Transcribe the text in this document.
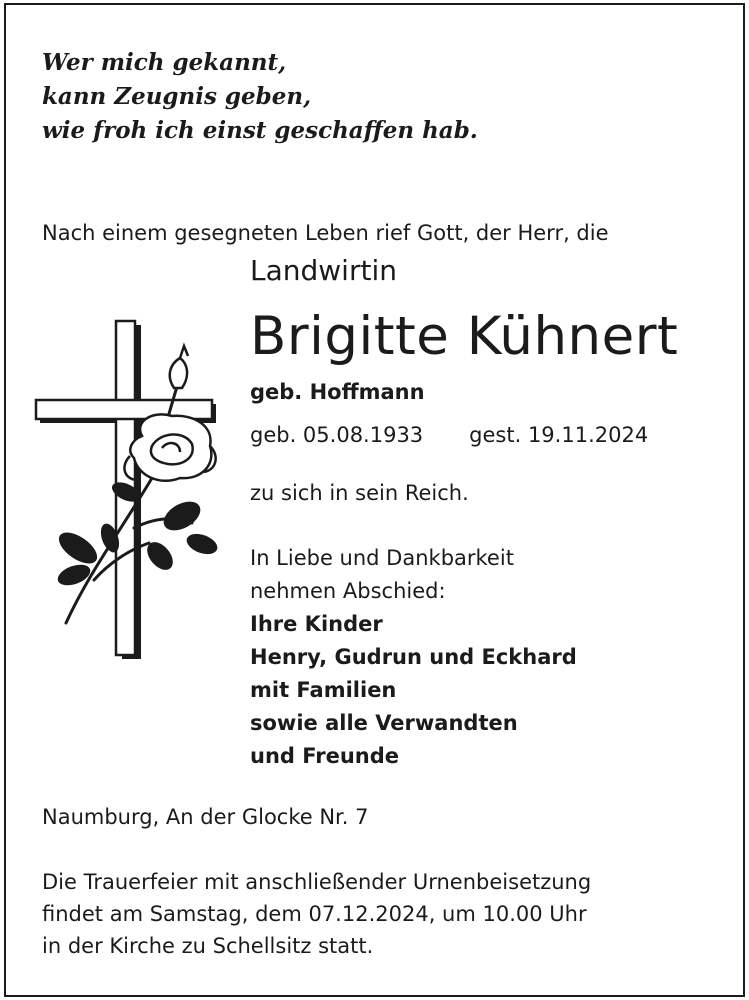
Wer mich gekannt,
kann Zeugnis geben,
wie froh ich einst geschaffen hab.
Nach einem gesegneten Leben rief Gott, der Herr, die
Landwirtin
Brigitte Kühnert
geb. Hoffmann
geb. 05.08.1933 gest. 19.11.2024
zu sich in sein Reich.
In Liebe und Dankbarkeit
nehmen Abschied:
Ihre Kinder
Henry, Gudrun und Eckhard
mit Familien
sowie alle Verwandten
und Freunde
Naumburg, An der Glocke Nr. 7
Die Trauerfeier mit anschließender Urnenbeisetzung
findet am Samstag, dem 07.12.2024, um 10.00 Uhr
in der Kirche zu Schellsitz statt.
